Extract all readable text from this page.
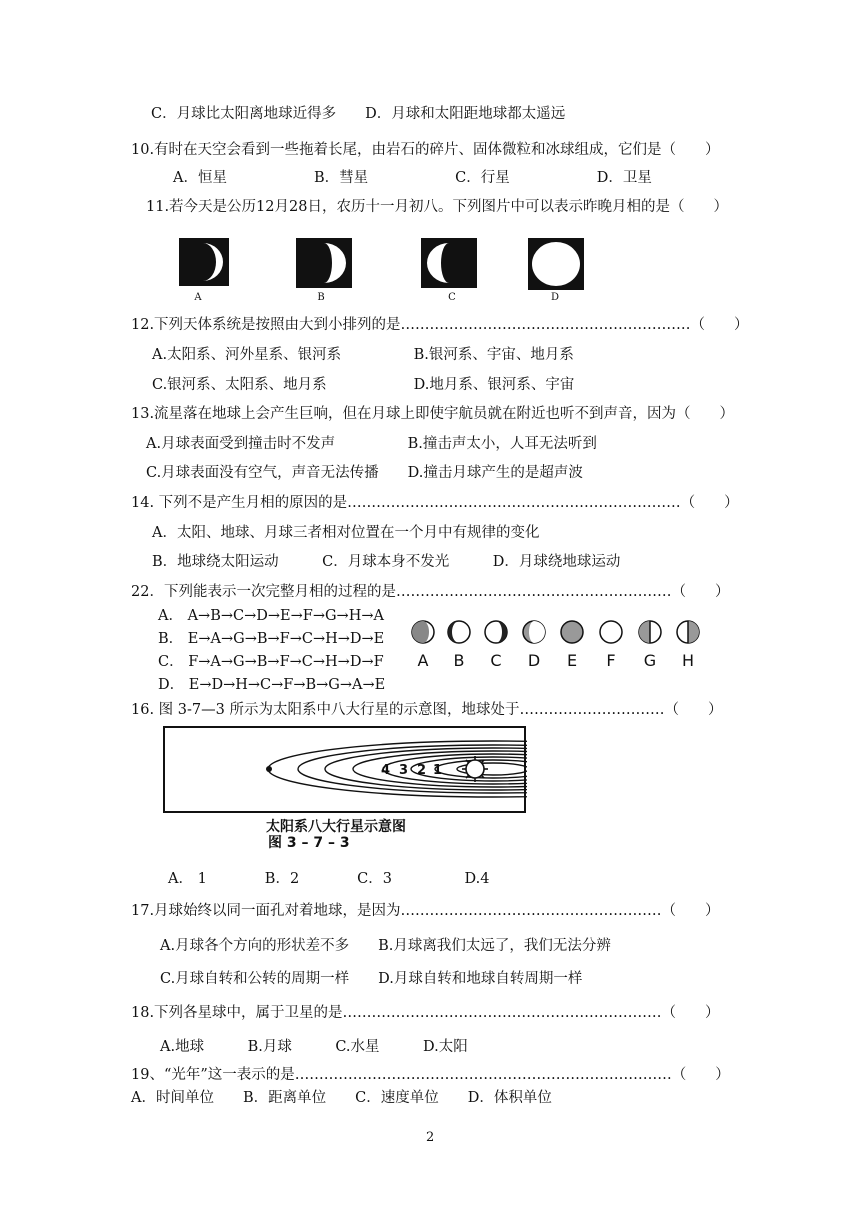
C．月球比太阳离地球近得多　　D．月球和太阳距地球都太遥远
10.有时在天空会看到一些拖着长尾，由岩石的碎片、固体微粒和冰球组成，它们是（　　）
A．恒星　　　　　　B．彗星　　　　　　C．行星　　　　　　D．卫星
11.若今天是公历12月28日，农历十一月初八。下列图片中可以表示昨晚月相的是（　　）
A	B	C	D
12.下列天体系统是按照由大到小排列的是……………………………………………………（　　）
A.太阳系、河外星系、银河系　　　　　B.银河系、宇宙、地月系
C.银河系、太阳系、地月系　　　　　　D.地月系、银河系、宇宙
13.流星落在地球上会产生巨响，但在月球上即使宇航员就在附近也听不到声音，因为（　　）
A.月球表面受到撞击时不发声　　　　　B.撞击声太小，人耳无法听到
C.月球表面没有空气，声音无法传播　　D.撞击月球产生的是超声波
14. 下列不是产生月相的原因的是……………………………………………………………（　　）
A．太阳、地球、月球三者相对位置在一个月中有规律的变化
B．地球绕太阳运动　　　C．月球本身不发光　　　D．月球绕地球运动
22．下列能表示一次完整月相的过程的是…………………………………………………（　　）
A． A→B→C→D→E→F→G→H→A
B． E→A→G→B→F→C→H→D→E
C． F→A→G→B→F→C→H→D→F
D． E→D→H→C→F→B→G→A→E
A	B	C	D	E	F	G	H
16. 图 3-7—3 所示为太阳系中八大行星的示意图，地球处于…………………………（　　）
4 3 2 1
太阳系八大行星示意图
图 3 – 7 – 3
A． 1　　　　B．2　　　　C．3　　　　　D.4
17.月球始终以同一面孔对着地球，是因为………………………………………………（　　）
A.月球各个方向的形状差不多　　B.月球离我们太远了，我们无法分辨
C.月球自转和公转的周期一样　　D.月球自转和地球自转周期一样
18.下列各星球中，属于卫星的是…………………………………………………………（　　）
A.地球　　　B.月球　　　C.水星　　　D.太阳
19、“光年”这一表示的是……………………………………………………………………（　　）
A．时间单位　　B．距离单位　　C．速度单位　　D．体积单位
2
